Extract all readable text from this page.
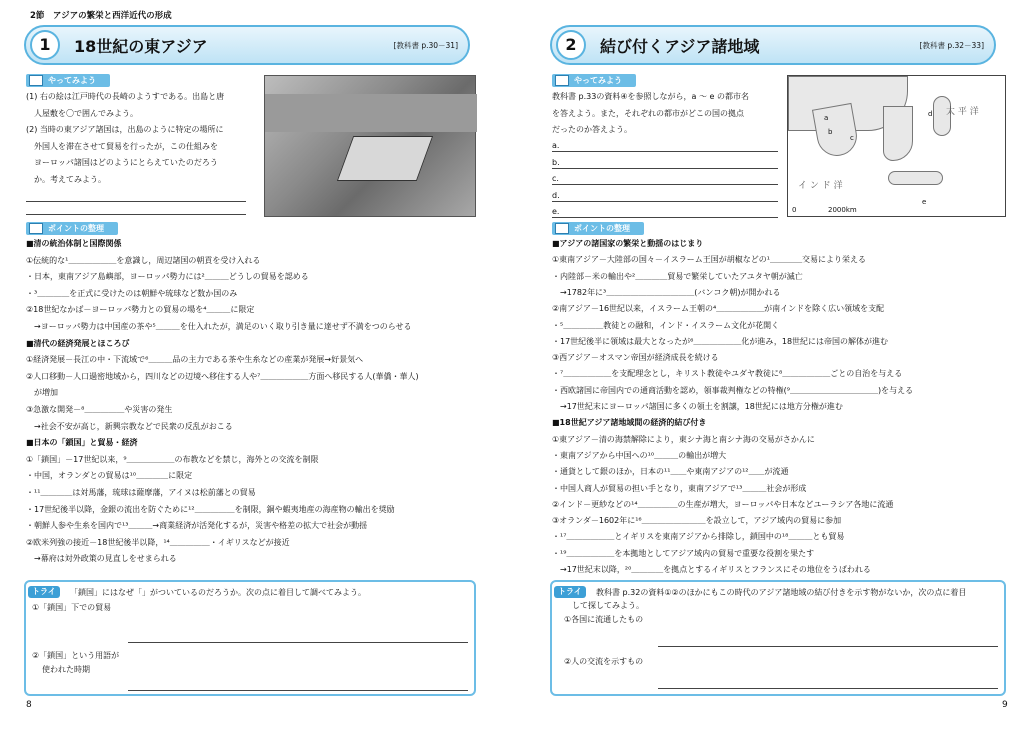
2節　アジアの繁栄と西洋近代の形成
1	18世紀の東アジア	[教科書 p.30－31]
やってみよう
(1) 右の絵は江戸時代の長崎のようすである。出島と唐
人屋敷を〇で囲んでみよう。
(2) 当時の東アジア諸国は，出島のように特定の場所に
外国人を滞在させて貿易を行ったが，この仕組みを
ヨーロッパ諸国はどのようにとらえていたのだろう
か。考えてみよう。
ポイントの整理
■清の統治体制と国際関係
①伝統的な¹＿＿＿＿＿＿を意識し，周辺諸国の朝貢を受け入れる
・日本，東南アジア島嶼部，ヨーロッパ勢力には²＿＿＿どうしの貿易を認める
・³＿＿＿＿を正式に受けたのは朝鮮や琉球など数か国のみ
②18世紀なかば－ヨーロッパ勢力との貿易の場を⁴＿＿＿に限定
→ヨーロッパ勢力は中国産の茶や⁵＿＿＿を仕入れたが，満足のいく取り引き量に達せず不満をつのらせる
■清代の経済発展とほころび
①経済発展－長江の中・下流域で⁶＿＿＿品の主力である茶や生糸などの産業が発展→好景気へ
②人口移動－人口過密地域から，四川などの辺境へ移住する人や⁷＿＿＿＿＿＿方面へ移民する人(華僑・華人)
が増加
③急激な開発－⁸＿＿＿＿＿や災害の発生
→社会不安が高じ，新興宗教などで民衆の反乱がおこる
■日本の「鎖国」と貿易・経済
①「鎖国」－17世紀以来，⁹＿＿＿＿＿＿の布教などを禁じ，海外との交流を制限
・中国，オランダとの貿易は¹⁰＿＿＿＿に限定
・¹¹＿＿＿＿は対馬藩，琉球は薩摩藩，アイヌは松前藩との貿易
・17世紀後半以降，金銀の流出を防ぐために¹²＿＿＿＿＿を制限，銅や蝦夷地産の海産物の輸出を奨励
・朝鮮人参や生糸を国内で¹³＿＿＿→商業経済が活発化するが，災害や格差の拡大で社会が動揺
②欧米列強の接近－18世紀後半以降，¹⁴＿＿＿＿＿・イギリスなどが接近
→幕府は対外政策の見直しをせまられる
トライ	「鎖国」にはなぜ「」がついているのだろうか。次の点に着目して調べてみよう。
①「鎖国」下での貿易
②「鎖国」という用語が
使われた時期
8
2	結び付くアジア諸地域	[教科書 p.32－33]
やってみよう
教科書 p.33の資料④を参照しながら，a ～ e の都市名
を答えよう。また，それぞれの都市がどこの国の拠点
だったのか答えよう。
a.
b.
c.
d.
e.
太 平 洋
イ ン ド 洋
a
b
c
d
e
0	2000km
ポイントの整理
■アジアの諸国家の繁栄と動揺のはじまり
①東南アジア－大陸部の国々－イスラーム王国が胡椒などの¹＿＿＿＿交易により栄える
・内陸部－米の輸出や²＿＿＿＿貿易で繁栄していたアユタヤ朝が滅亡
→1782年に³＿＿＿＿＿＿＿＿＿＿＿(バンコク朝)が開かれる
②南アジア－16世紀以来，イスラーム王朝の⁴＿＿＿＿＿＿が南インドを除く広い領域を支配
・⁵＿＿＿＿＿教徒との融和，インド・イスラーム文化が花開く
・17世紀後半に領域は最大となったが⁶＿＿＿＿＿＿化が進み，18世紀には帝国の解体が進む
③西アジア－オスマン帝国が経済成長を続ける
・⁷＿＿＿＿＿＿を支配理念とし，キリスト教徒やユダヤ教徒に⁸＿＿＿＿＿＿ごとの自治を与える
・西欧諸国に帝国内での通商活動を認め，領事裁判権などの特権(⁹＿＿＿＿＿＿＿＿＿＿＿)を与える
→17世紀末にヨーロッパ諸国に多くの領土を割譲，18世紀には地方分権が進む
■18世紀アジア諸地域間の経済的結び付き
①東アジア－清の海禁解除により，東シナ海と南シナ海の交易がさかんに
・東南アジアから中国への¹⁰＿＿＿の輸出が増大
・通貨として銀のほか，日本の¹¹＿＿や東南アジアの¹²＿＿が流通
・中国人商人が貿易の担い手となり，東南アジアで¹³＿＿＿社会が形成
②インド－更紗などの¹⁴＿＿＿＿＿の生産が増大，ヨーロッパや日本などユーラシア各地に流通
③オランダ－1602年に¹⁶＿＿＿＿＿＿＿＿を設立して，アジア域内の貿易に参加
・¹⁷＿＿＿＿＿＿とイギリスを東南アジアから排除し，鎖国中の¹⁸＿＿＿とも貿易
・¹⁹＿＿＿＿＿＿を本拠地としてアジア域内の貿易で重要な役割を果たす
→17世紀末以降，²⁰＿＿＿＿を拠点とするイギリスとフランスにその地位をうばわれる
トライ	教科書 p.32の資料①②のほかにもこの時代のアジア諸地域の結び付きを示す物がないか，次の点に着目
して探してみよう。
①各国に流通したもの
②人の交流を示すもの
9
